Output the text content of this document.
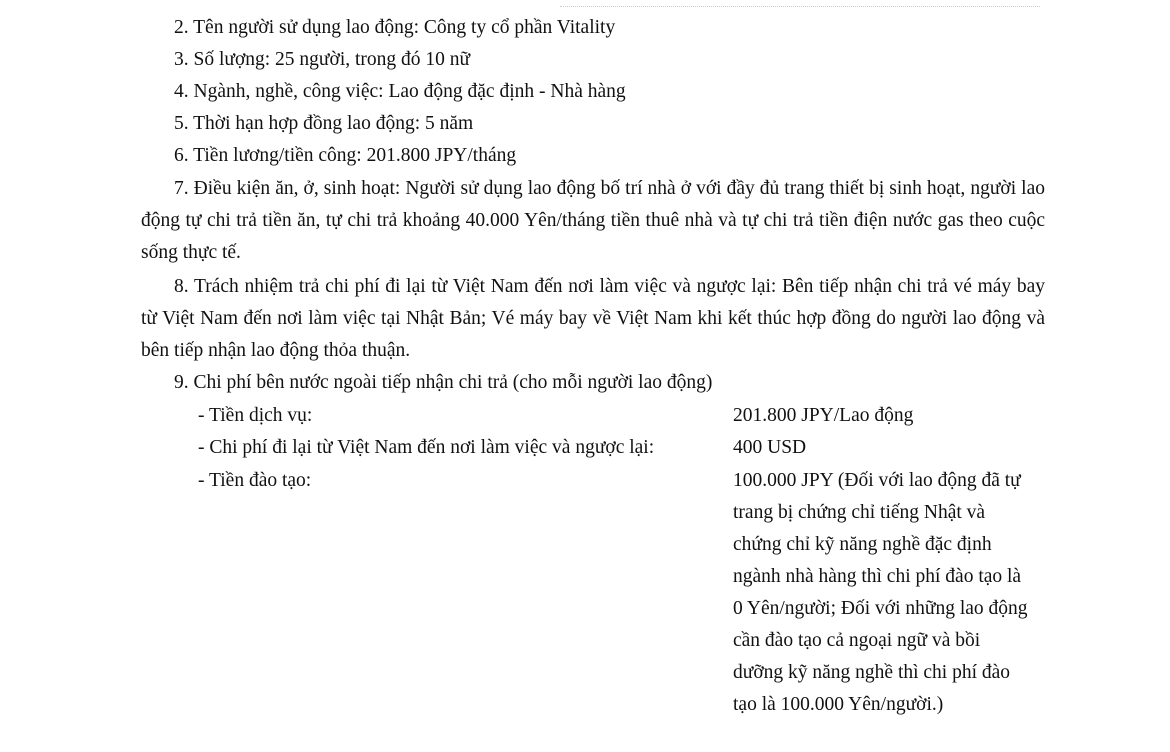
2. Tên người sử dụng lao động: Công ty cổ phần Vitality
3. Số lượng: 25 người, trong đó 10 nữ
4. Ngành, nghề, công việc: Lao động đặc định - Nhà hàng
5. Thời hạn hợp đồng lao động: 5 năm
6. Tiền lương/tiền công: 201.800 JPY/tháng
7. Điều kiện ăn, ở, sinh hoạt: Người sử dụng lao động bố trí nhà ở với đầy đủ trang thiết bị sinh hoạt, người lao động tự chi trả tiền ăn, tự chi trả khoảng 40.000 Yên/tháng tiền thuê nhà và tự chi trả tiền điện nước gas theo cuộc sống thực tế.
8. Trách nhiệm trả chi phí đi lại từ Việt Nam đến nơi làm việc và ngược lại: Bên tiếp nhận chi trả vé máy bay từ Việt Nam đến nơi làm việc tại Nhật Bản; Vé máy bay về Việt Nam khi kết thúc hợp đồng do người lao động và bên tiếp nhận lao động thỏa thuận.
9. Chi phí bên nước ngoài tiếp nhận chi trả (cho mỗi người lao động)
- Tiền dịch vụ:	201.800 JPY/Lao động
- Chi phí đi lại từ Việt Nam đến nơi làm việc và ngược lại:	400 USD
- Tiền đào tạo:	100.000 JPY (Đối với lao động đã tự trang bị chứng chỉ tiếng Nhật và chứng chỉ kỹ năng nghề đặc định ngành nhà hàng thì chi phí đào tạo là 0 Yên/người; Đối với những lao động cần đào tạo cả ngoại ngữ và bồi dưỡng kỹ năng nghề thì chi phí đào tạo là 100.000 Yên/người.)
